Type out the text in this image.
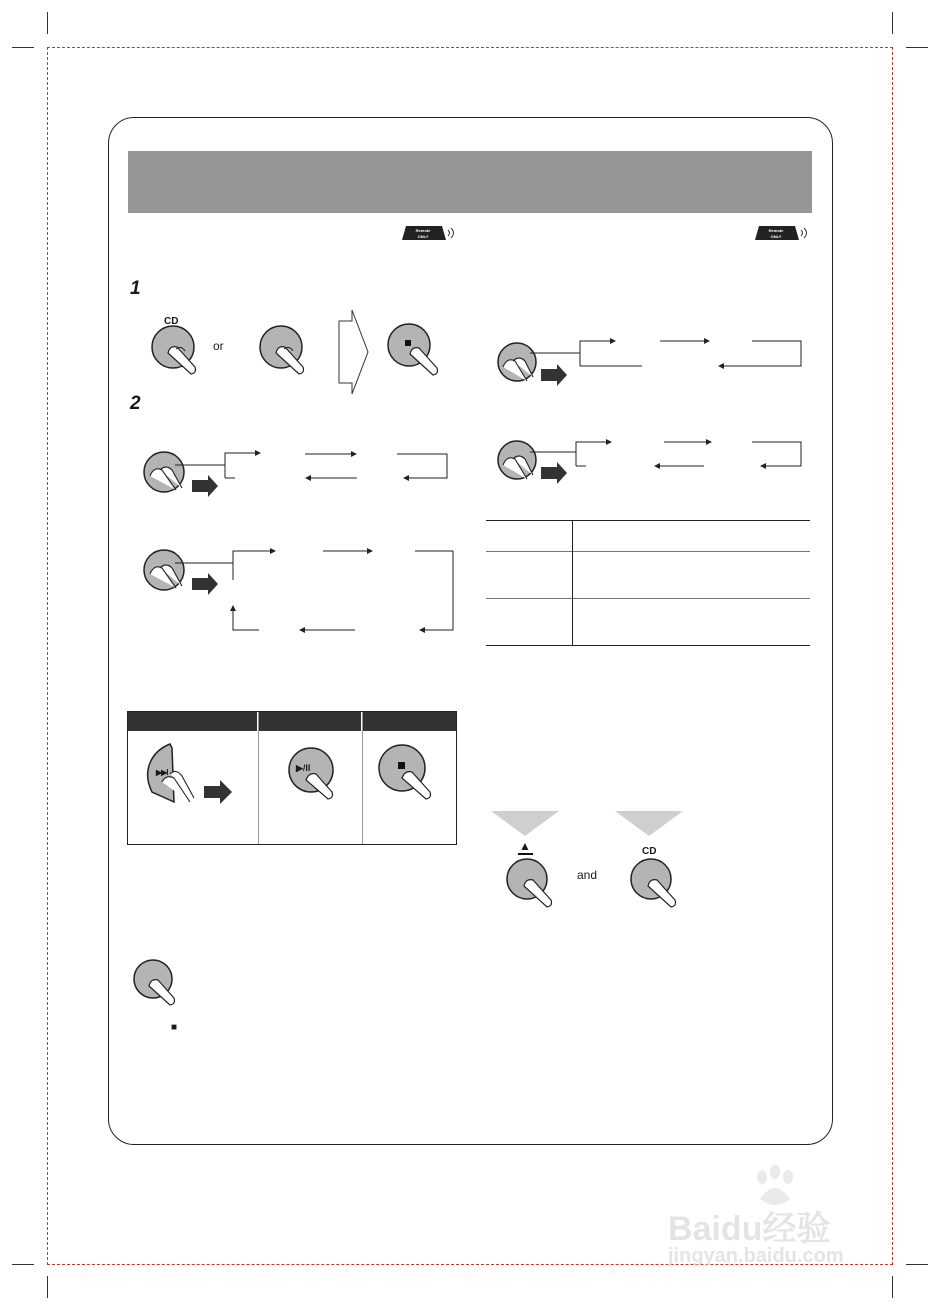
Remote
ONLY
Remote
ONLY
1
2
CD
or
▶▶I	▶/II
■
▲
and
CD
Baidu经验
jingyan.baidu.com
